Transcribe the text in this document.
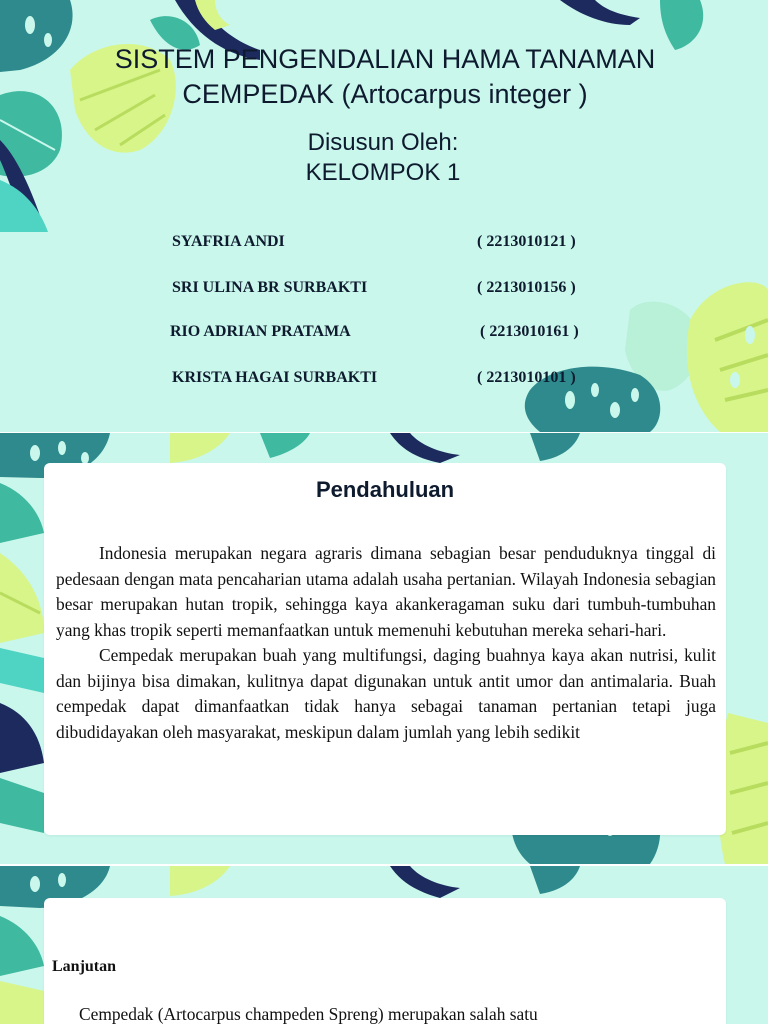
SISTEM PENGENDALIAN HAMA TANAMAN
CEMPEDAK (Artocarpus integer )
Disusun Oleh:
KELOMPOK 1
SYAFRIA ANDI	( 2213010121 )
SRI ULINA BR SURBAKTI	( 2213010156 )
RIO ADRIAN PRATAMA	( 2213010161 )
KRISTA HAGAI SURBAKTI	( 2213010101 )
Pendahuluan

Indonesia merupakan negara agraris dimana sebagian besar penduduknya tinggal di pedesaan dengan mata pencaharian utama adalah usaha pertanian. Wilayah Indonesia sebagian besar merupakan hutan tropik, sehingga kaya akankeragaman suku dari tumbuh-tumbuhan yang khas tropik seperti memanfaatkan untuk memenuhi kebutuhan mereka sehari-hari.

Cempedak merupakan buah yang multifungsi, daging buahnya kaya akan nutrisi, kulit dan bijinya bisa dimakan, kulitnya dapat digunakan untuk antit umor dan antimalaria. Buah cempedak dapat dimanfaatkan tidak hanya sebagai tanaman pertanian tetapi juga dibudidayakan oleh masyarakat, meskipun dalam jumlah yang lebih sedikit

Lanjutan

Cempedak (Artocarpus champeden Spreng) merupakan salah satu
